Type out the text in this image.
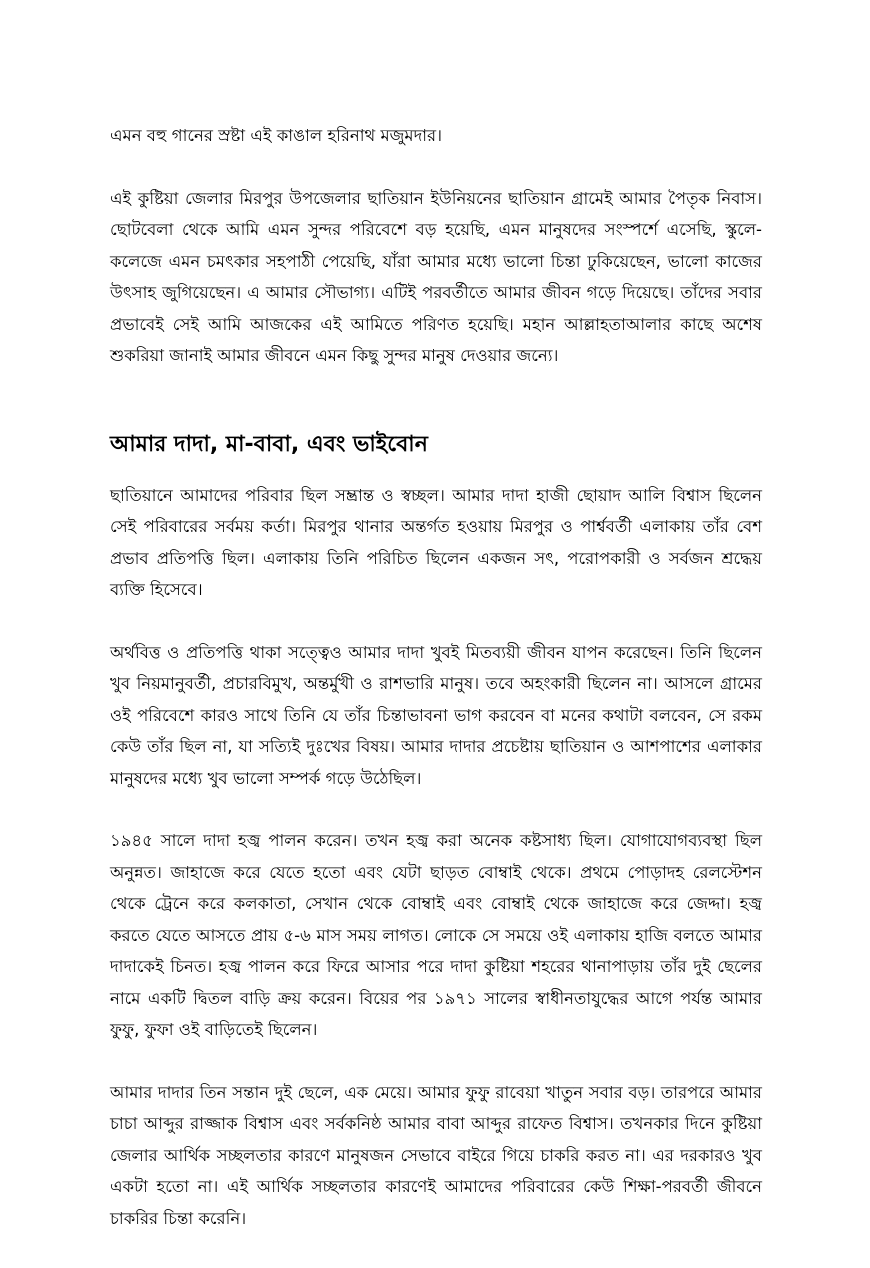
এমন বহু গানের স্রষ্টা এই কাঙাল হরিনাথ মজুমদার।

এই কুষ্টিয়া জেলার মিরপুর উপজেলার ছাতিয়ান ইউনিয়নের ছাতিয়ান গ্রামেই আমার পৈতৃক নিবাস। ছোটবেলা থেকে আমি এমন সুন্দর পরিবেশে বড় হয়েছি, এমন মানুষদের সংস্পর্শে এসেছি, স্কুলে-কলেজে এমন চমৎকার সহপাঠী পেয়েছি, যাঁরা আমার মধ্যে ভালো চিন্তা ঢুকিয়েছেন, ভালো কাজের উৎসাহ জুগিয়েছেন। এ আমার সৌভাগ্য। এটিই পরবর্তীতে আমার জীবন গড়ে দিয়েছে। তাঁদের সবার প্রভাবেই সেই আমি আজকের এই আমিতে পরিণত হয়েছি। মহান আল্লাহতাআলার কাছে অশেষ শুকরিয়া জানাই আমার জীবনে এমন কিছু সুন্দর মানুষ দেওয়ার জন্যে।

আমার দাদা, মা-বাবা, এবং ভাইবোন

ছাতিয়ানে আমাদের পরিবার ছিল সম্ভ্রান্ত ও স্বচ্ছল। আমার দাদা হাজী ছোয়াদ আলি বিশ্বাস ছিলেন সেই পরিবারের সর্বময় কর্তা। মিরপুর থানার অন্তর্গত হওয়ায় মিরপুর ও পার্শ্ববর্তী এলাকায় তাঁর বেশ প্রভাব প্রতিপত্তি ছিল। এলাকায় তিনি পরিচিত ছিলেন একজন সৎ, পরোপকারী ও সর্বজন শ্রদ্ধেয় ব্যক্তি হিসেবে।

অর্থবিত্ত ও প্রতিপত্তি থাকা সত্ত্বেও আমার দাদা খুবই মিতব্যয়ী জীবন যাপন করেছেন। তিনি ছিলেন খুব নিয়মানুবর্তী, প্রচারবিমুখ, অন্তর্মুখী ও রাশভারি মানুষ। তবে অহংকারী ছিলেন না। আসলে গ্রামের ওই পরিবেশে কারও সাথে তিনি যে তাঁর চিন্তাভাবনা ভাগ করবেন বা মনের কথাটা বলবেন, সে রকম কেউ তাঁর ছিল না, যা সত্যিই দুঃখের বিষয়। আমার দাদার প্রচেষ্টায় ছাতিয়ান ও আশপাশের এলাকার মানুষদের মধ্যে খুব ভালো সম্পর্ক গড়ে উঠেছিল।

১৯৪৫ সালে দাদা হজ্ব পালন করেন। তখন হজ্ব করা অনেক কষ্টসাধ্য ছিল। যোগাযোগব্যবস্থা ছিল অনুন্নত। জাহাজে করে যেতে হতো এবং যেটা ছাড়ত বোম্বাই থেকে। প্রথমে পোড়াদহ রেলস্টেশন থেকে ট্রেনে করে কলকাতা, সেখান থেকে বোম্বাই এবং বোম্বাই থেকে জাহাজে করে জেদ্দা। হজ্ব করতে যেতে আসতে প্রায় ৫-৬ মাস সময় লাগত। লোকে সে সময়ে ওই এলাকায় হাজি বলতে আমার দাদাকেই চিনত। হজ্ব পালন করে ফিরে আসার পরে দাদা কুষ্টিয়া শহরের থানাপাড়ায় তাঁর দুই ছেলের নামে একটি দ্বিতল বাড়ি ক্রয় করেন। বিয়ের পর ১৯৭১ সালের স্বাধীনতাযুদ্ধের আগে পর্যন্ত আমার ফুফু, ফুফা ওই বাড়িতেই ছিলেন।

আমার দাদার তিন সন্তান দুই ছেলে, এক মেয়ে। আমার ফুফু রাবেয়া খাতুন সবার বড়। তারপরে আমার চাচা আব্দুর রাজ্জাক বিশ্বাস এবং সর্বকনিষ্ঠ আমার বাবা আব্দুর রাফেত বিশ্বাস। তখনকার দিনে কুষ্টিয়া জেলার আর্থিক সচ্ছলতার কারণে মানুষজন সেভাবে বাইরে গিয়ে চাকরি করত না। এর দরকারও খুব একটা হতো না। এই আর্থিক সচ্ছলতার কারণেই আমাদের পরিবারের কেউ শিক্ষা-পরবর্তী জীবনে চাকরির চিন্তা করেনি।
